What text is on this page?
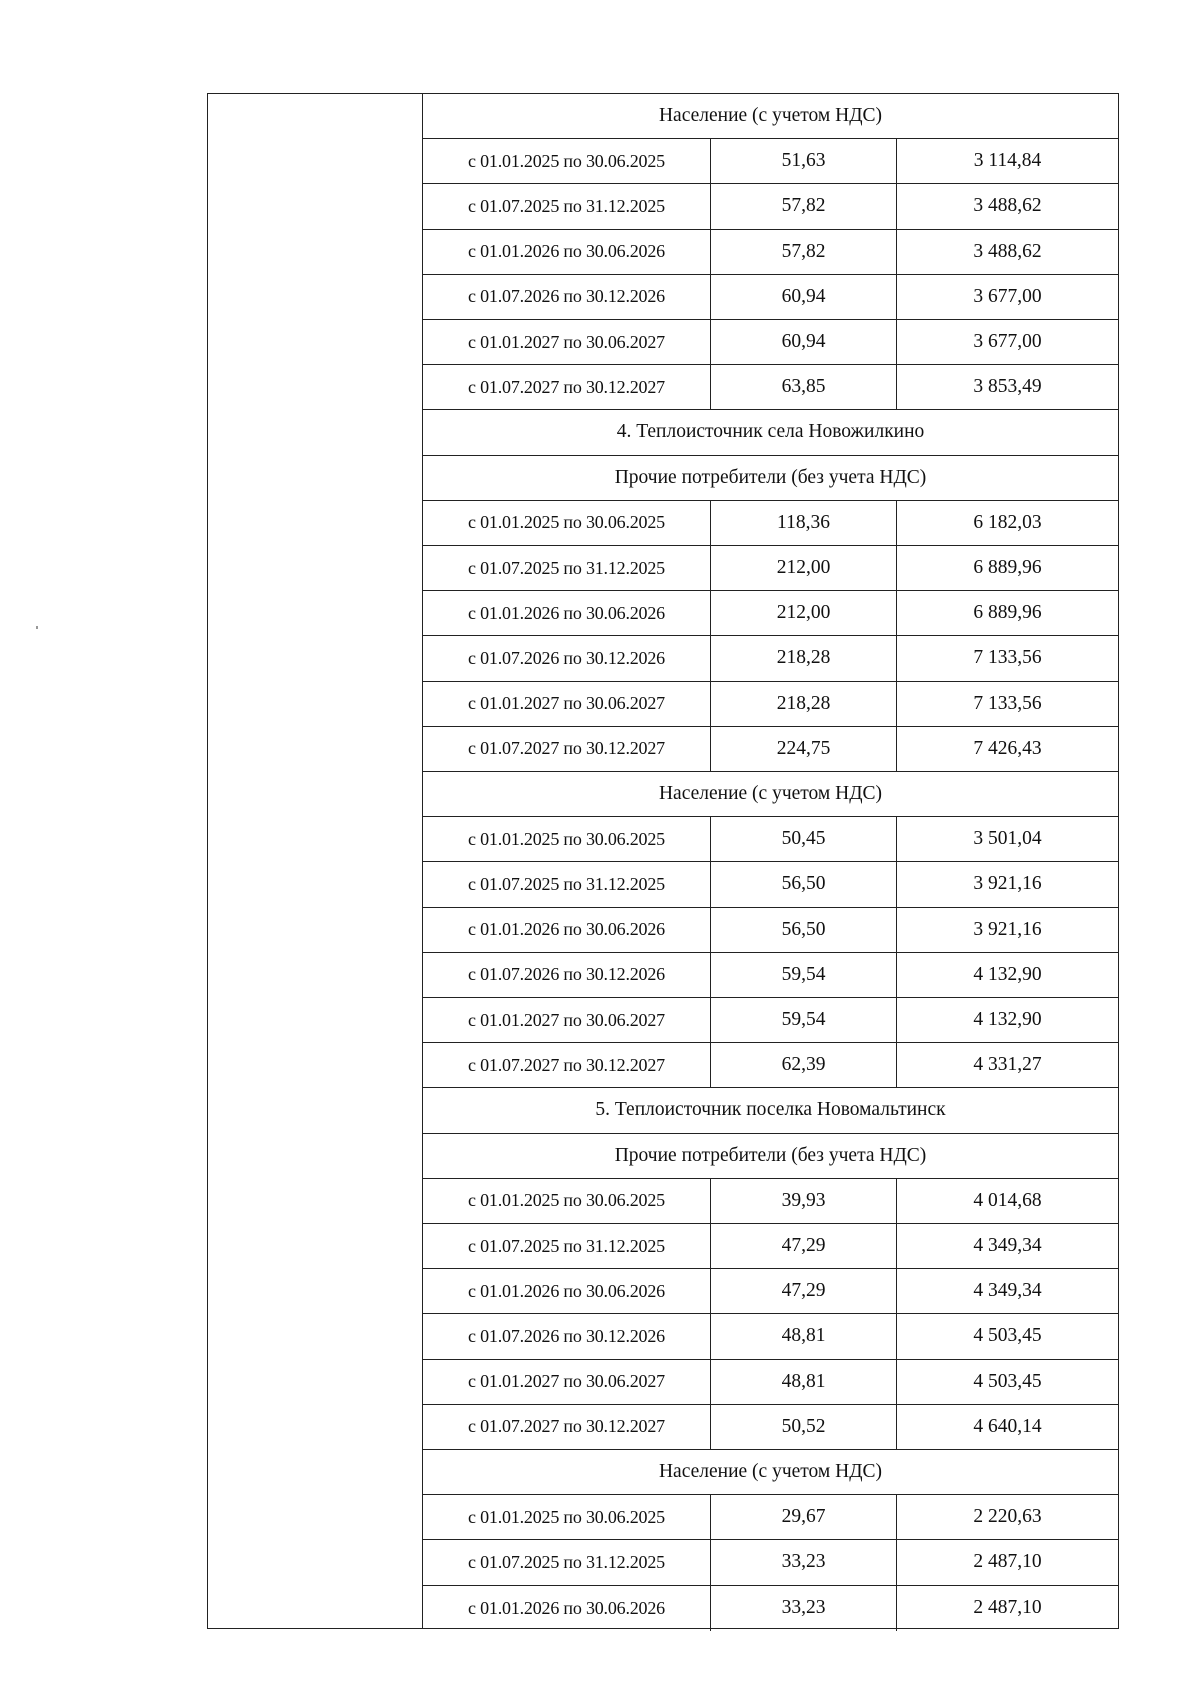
Население (с учетом НДС)
с 01.01.2025 по 30.06.2025	51,63	3 114,84
с 01.07.2025 по 31.12.2025	57,82	3 488,62
с 01.01.2026 по 30.06.2026	57,82	3 488,62
с 01.07.2026 по 30.12.2026	60,94	3 677,00
с 01.01.2027 по 30.06.2027	60,94	3 677,00
с 01.07.2027 по 30.12.2027	63,85	3 853,49
4. Теплоисточник села Новожилкино
Прочие потребители (без учета НДС)
с 01.01.2025 по 30.06.2025	118,36	6 182,03
с 01.07.2025 по 31.12.2025	212,00	6 889,96
с 01.01.2026 по 30.06.2026	212,00	6 889,96
с 01.07.2026 по 30.12.2026	218,28	7 133,56
с 01.01.2027 по 30.06.2027	218,28	7 133,56
с 01.07.2027 по 30.12.2027	224,75	7 426,43
Население (с учетом НДС)
с 01.01.2025 по 30.06.2025	50,45	3 501,04
с 01.07.2025 по 31.12.2025	56,50	3 921,16
с 01.01.2026 по 30.06.2026	56,50	3 921,16
с 01.07.2026 по 30.12.2026	59,54	4 132,90
с 01.01.2027 по 30.06.2027	59,54	4 132,90
с 01.07.2027 по 30.12.2027	62,39	4 331,27
5. Теплоисточник поселка Новомальтинск
Прочие потребители (без учета НДС)
с 01.01.2025 по 30.06.2025	39,93	4 014,68
с 01.07.2025 по 31.12.2025	47,29	4 349,34
с 01.01.2026 по 30.06.2026	47,29	4 349,34
с 01.07.2026 по 30.12.2026	48,81	4 503,45
с 01.01.2027 по 30.06.2027	48,81	4 503,45
с 01.07.2027 по 30.12.2027	50,52	4 640,14
Население (с учетом НДС)
с 01.01.2025 по 30.06.2025	29,67	2 220,63
с 01.07.2025 по 31.12.2025	33,23	2 487,10
с 01.01.2026 по 30.06.2026	33,23	2 487,10
